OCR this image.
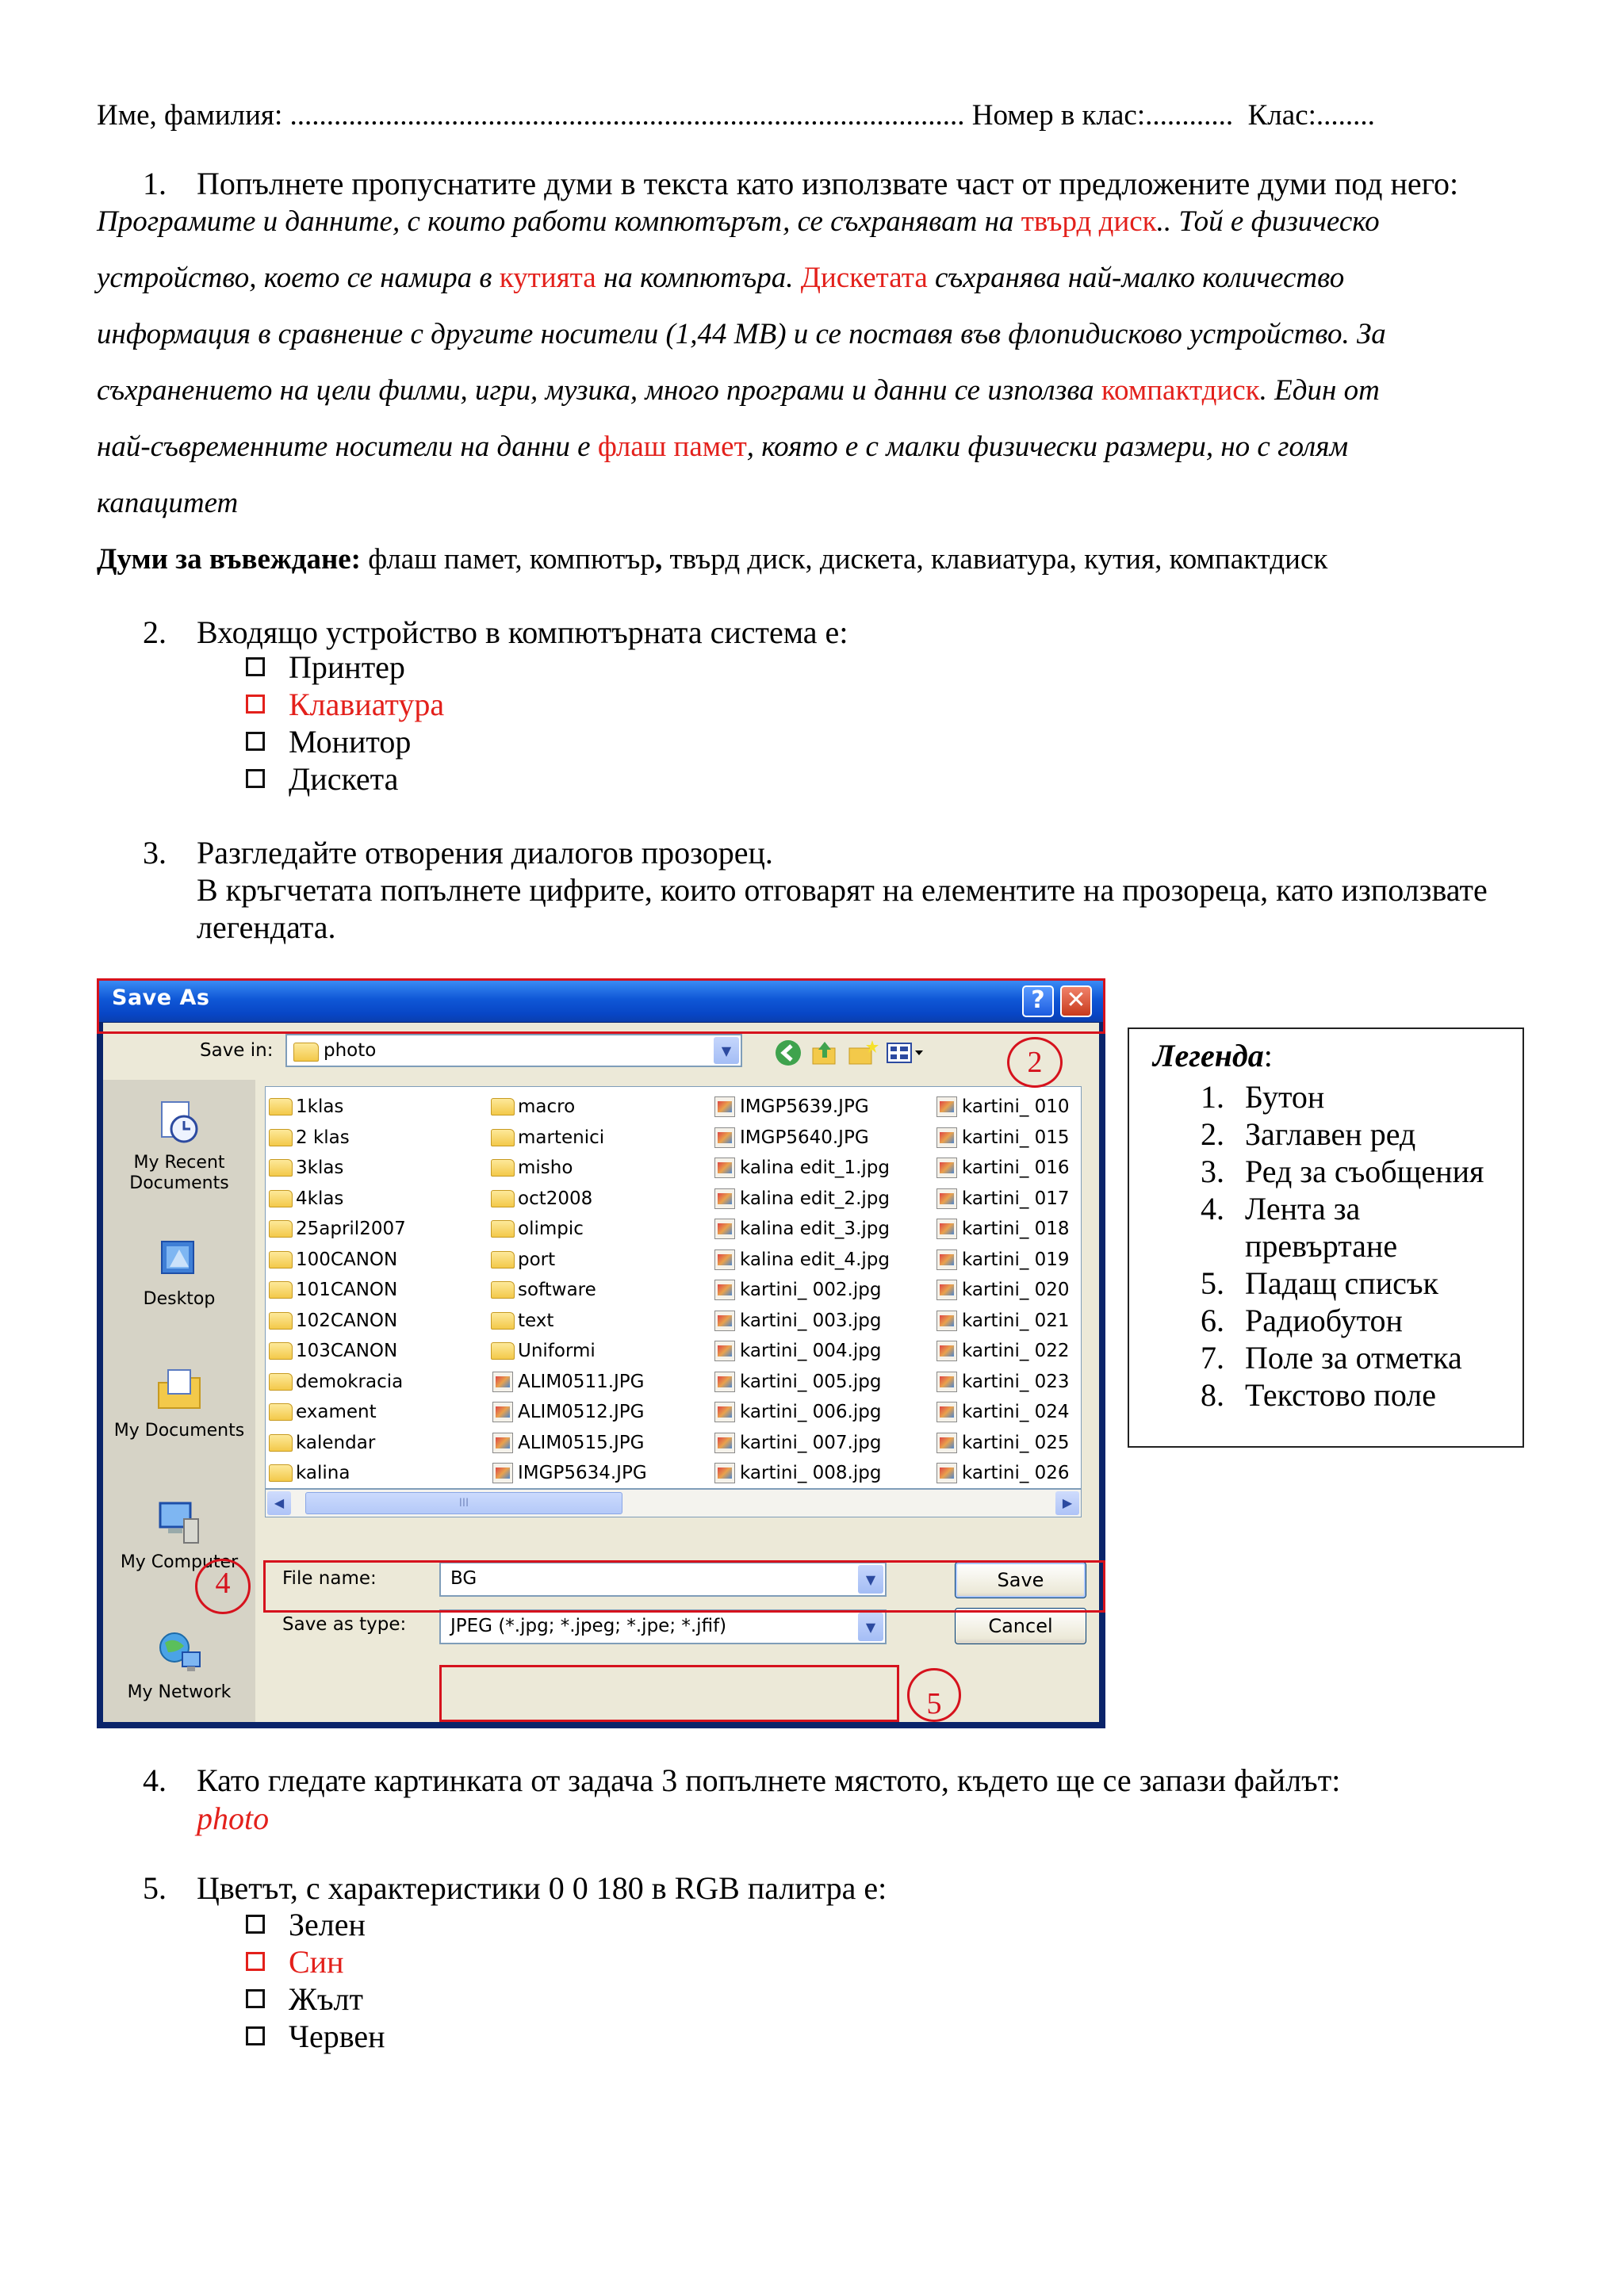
Име, фамилия: ............................................................................................ Номер в клас:............ Клас:........
1. Попълнете пропуснатите думи в текста като използвате част от предложените думи под него:
Програмите и данните, с които работи компютърът, се съхраняват на твърд диск.. Той е физическо
устройство, което се намира в кутията на компютъра. Дискетата съхранява най-малко количество
информация в сравнение с другите носители (1,44 MB) и се поставя във флопидисково устройство. За
съхранението на цели филми, игри, музика, много програми и данни се използва компактдиск. Един от
най-съвременните носители на данни е флаш памет, която е с малки физически размери, но с голям
капацитет
Думи за въвеждане: флаш памет, компютър, твърд диск, дискета, клавиатура, кутия, компактдиск
2. Входящо устройство в компютърната система е:
Принтер
Клавиатура
Монитор
Дискета
3. Разгледайте отворения диалогов прозорец.
В кръгчетата попълнете цифрите, които отговарят на елементите на прозореца, като използвате
легендата.
Save As	? ✕
Save in:	photo	▼
My Recent Documents
Desktop
My Documents
My Computer
My Network
1klas
2 klas
3klas
4klas
25april2007
100CANON
101CANON
102CANON
103CANON
demokracia
exament
kalendar
kalina
macro
martenici
misho
oct2008
olimpic
port
software
text
Uniformi
ALIM0511.JPG
ALIM0512.JPG
ALIM0515.JPG
IMGP5634.JPG
IMGP5639.JPG
IMGP5640.JPG
kalina edit_1.jpg
kalina edit_2.jpg
kalina edit_3.jpg
kalina edit_4.jpg
kartini_ 002.jpg
kartini_ 003.jpg
kartini_ 004.jpg
kartini_ 005.jpg
kartini_ 006.jpg
kartini_ 007.jpg
kartini_ 008.jpg
kartini_ 010
kartini_ 015
kartini_ 016
kartini_ 017
kartini_ 018
kartini_ 019
kartini_ 020
kartini_ 021
kartini_ 022
kartini_ 023
kartini_ 024
kartini_ 025
kartini_ 026
◀	III	▶
File name:	BG	▼
Save as type: JPEG (*.jpg; *.jpeg; *.jpe; *.jfif)	▼
Save
Cancel
2
4
5
Легенда:
1. Бутон
2. Заглавен ред
3. Ред за съобщения
4. Лента за
превъртане
5. Падащ списък
6. Радиобутон
7. Поле за отметка
8. Текстово поле
4. Като гледате картинката от задача 3 попълнете мястото, където ще се запази файлът:
photo
5. Цветът, с характеристики 0 0 180 в RGB палитра е:
Зелен
Син
Жълт
Червен
